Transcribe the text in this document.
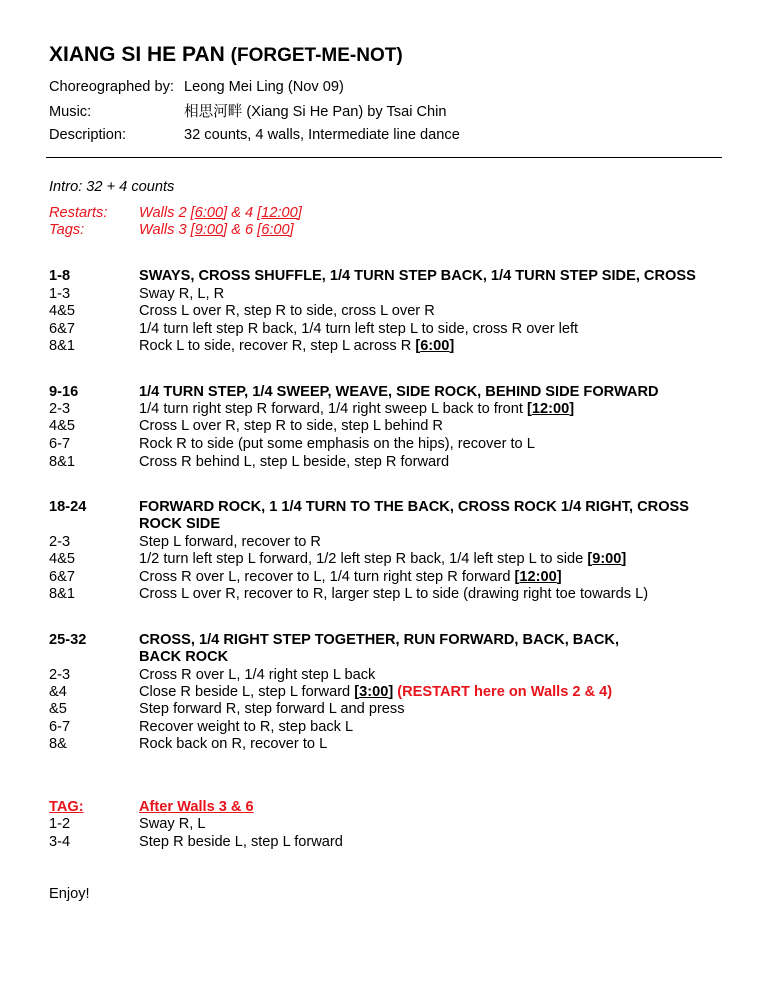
XIANG SI HE PAN (FORGET-ME-NOT)
Choreographed by: Leong Mei Ling (Nov 09)
Music:	相思河畔 (Xiang Si He Pan) by Tsai Chin
Description:	32 counts, 4 walls, Intermediate line dance
Intro: 32 + 4 counts
Restarts: Walls 2 [6:00] & 4 [12:00]
Tags:	Walls 3 [9:00] & 6 [6:00]
1-8	SWAYS, CROSS SHUFFLE, 1/4 TURN STEP BACK, 1/4 TURN STEP SIDE, CROSS
1-3	Sway R, L, R
4&5	Cross L over R, step R to side, cross L over R
6&7	1/4 turn left step R back, 1/4 turn left step L to side, cross R over left
8&1	Rock L to side, recover R, step L across R [6:00]
9-16	1/4 TURN STEP, 1/4 SWEEP, WEAVE, SIDE ROCK, BEHIND SIDE FORWARD
2-3	1/4 turn right step R forward, 1/4 right sweep L back to front [12:00]
4&5	Cross L over R, step R to side, step L behind R
6-7	Rock R to side (put some emphasis on the hips), recover to L
8&1	Cross R behind L, step L beside, step R forward
18-24	FORWARD ROCK, 1 1/4 TURN TO THE BACK, CROSS ROCK 1/4 RIGHT, CROSS
ROCK SIDE
2-3	Step L forward, recover to R
4&5	1/2 turn left step L forward, 1/2 left step R back, 1/4 left step L to side [9:00]
6&7	Cross R over L, recover to L, 1/4 turn right step R forward [12:00]
8&1	Cross L over R, recover to R, larger step L to side (drawing right toe towards L)
25-32	CROSS, 1/4 RIGHT STEP TOGETHER, RUN FORWARD, BACK, BACK,
BACK ROCK
2-3	Cross R over L, 1/4 right step L back
&4	Close R beside L, step L forward [3:00] (RESTART here on Walls 2 & 4)
&5	Step forward R, step forward L and press
6-7	Recover weight to R, step back L
8&	Rock back on R, recover to L
TAG:	After Walls 3 & 6
1-2	Sway R, L
3-4	Step R beside L, step L forward
Enjoy!
